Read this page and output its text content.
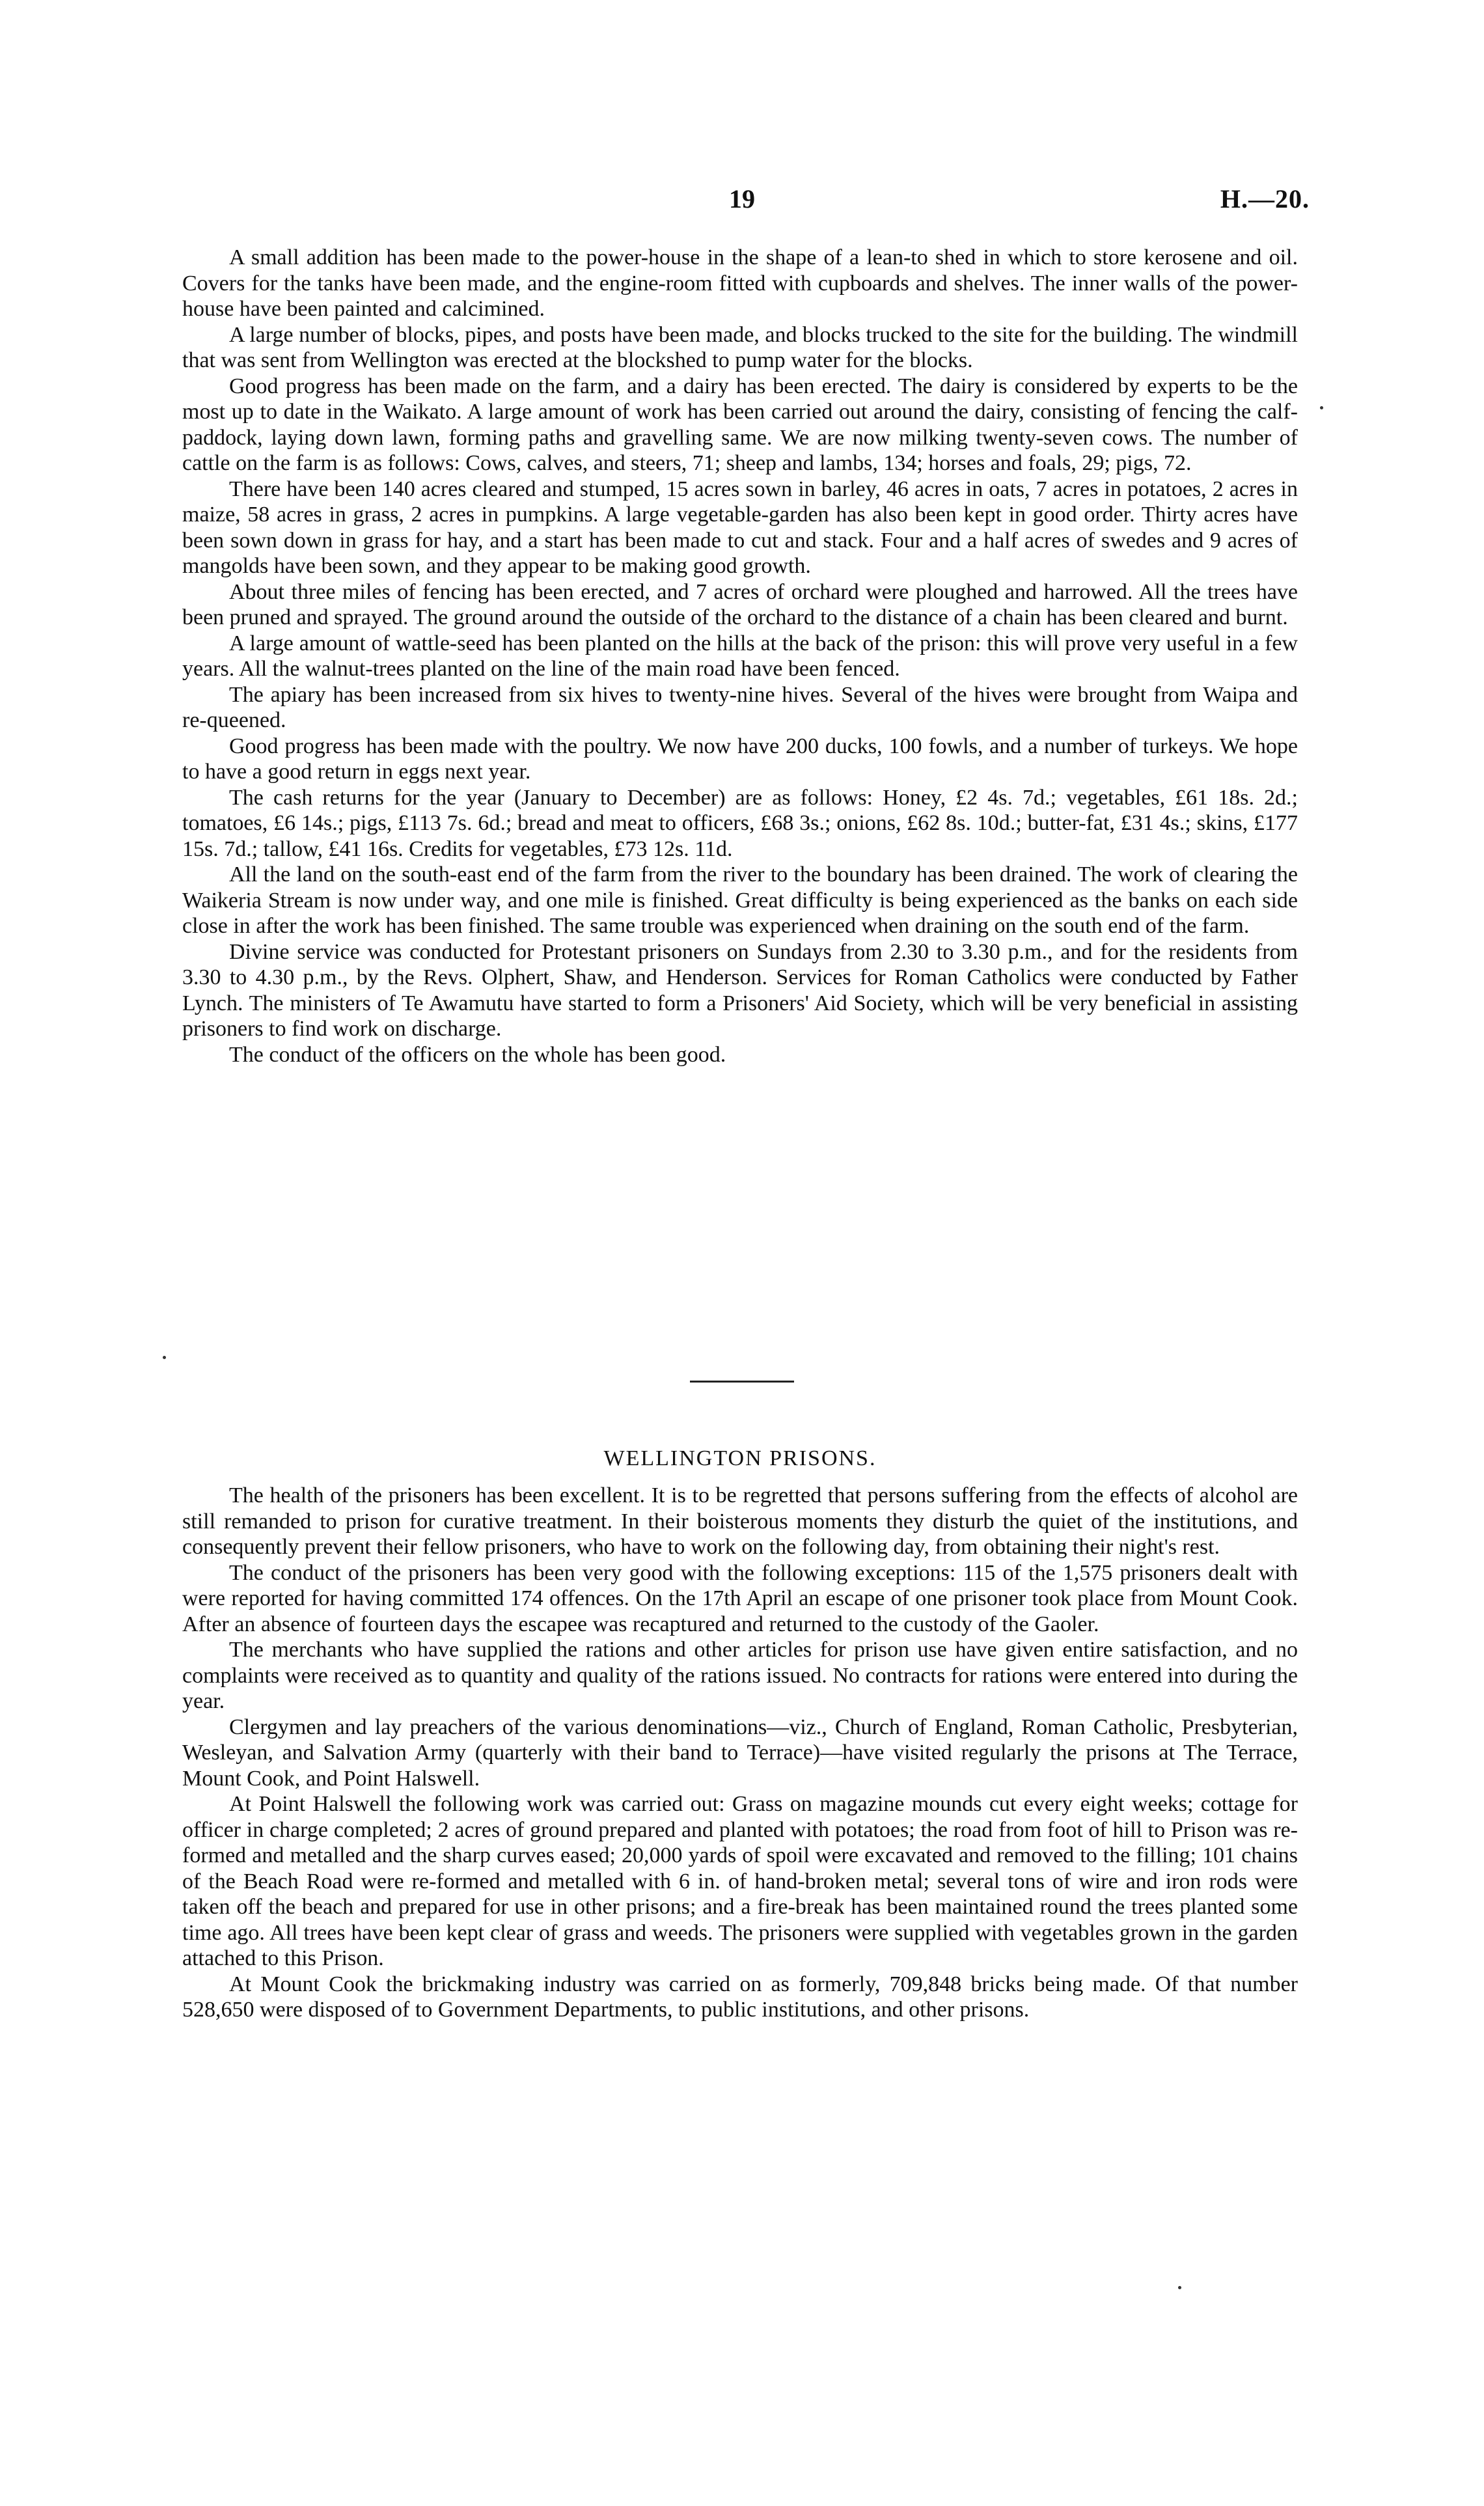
19	H.—20.

A small addition has been made to the power-house in the shape of a lean-to shed in which to store kerosene and oil. Covers for the tanks have been made, and the engine-room fitted with cupboards and shelves. The inner walls of the power-house have been painted and calcimined.

A large number of blocks, pipes, and posts have been made, and blocks trucked to the site for the building. The windmill that was sent from Wellington was erected at the blockshed to pump water for the blocks.

Good progress has been made on the farm, and a dairy has been erected. The dairy is considered by experts to be the most up to date in the Waikato. A large amount of work has been carried out around the dairy, consisting of fencing the calf-paddock, laying down lawn, forming paths and gravelling same. We are now milking twenty-seven cows. The number of cattle on the farm is as follows: Cows, calves, and steers, 71; sheep and lambs, 134; horses and foals, 29; pigs, 72.

There have been 140 acres cleared and stumped, 15 acres sown in barley, 46 acres in oats, 7 acres in potatoes, 2 acres in maize, 58 acres in grass, 2 acres in pumpkins. A large vegetable-garden has also been kept in good order. Thirty acres have been sown down in grass for hay, and a start has been made to cut and stack. Four and a half acres of swedes and 9 acres of mangolds have been sown, and they appear to be making good growth.

About three miles of fencing has been erected, and 7 acres of orchard were ploughed and harrowed. All the trees have been pruned and sprayed. The ground around the outside of the orchard to the distance of a chain has been cleared and burnt.

A large amount of wattle-seed has been planted on the hills at the back of the prison: this will prove very useful in a few years. All the walnut-trees planted on the line of the main road have been fenced.

The apiary has been increased from six hives to twenty-nine hives. Several of the hives were brought from Waipa and re-queened.

Good progress has been made with the poultry. We now have 200 ducks, 100 fowls, and a number of turkeys. We hope to have a good return in eggs next year.

The cash returns for the year (January to December) are as follows: Honey, £2 4s. 7d.; vegetables, £61 18s. 2d.; tomatoes, £6 14s.; pigs, £113 7s. 6d.; bread and meat to officers, £68 3s.; onions, £62 8s. 10d.; butter-fat, £31 4s.; skins, £177 15s. 7d.; tallow, £41 16s. Credits for vegetables, £73 12s. 11d.

All the land on the south-east end of the farm from the river to the boundary has been drained. The work of clearing the Waikeria Stream is now under way, and one mile is finished. Great difficulty is being experienced as the banks on each side close in after the work has been finished. The same trouble was experienced when draining on the south end of the farm.

Divine service was conducted for Protestant prisoners on Sundays from 2.30 to 3.30 p.m., and for the residents from 3.30 to 4.30 p.m., by the Revs. Olphert, Shaw, and Henderson. Services for Roman Catholics were conducted by Father Lynch. The ministers of Te Awamutu have started to form a Prisoners' Aid Society, which will be very beneficial in assisting prisoners to find work on discharge.

The conduct of the officers on the whole has been good.

WELLINGTON PRISONS.

The health of the prisoners has been excellent. It is to be regretted that persons suffering from the effects of alcohol are still remanded to prison for curative treatment. In their boisterous moments they disturb the quiet of the institutions, and consequently prevent their fellow prisoners, who have to work on the following day, from obtaining their night's rest.

The conduct of the prisoners has been very good with the following exceptions: 115 of the 1,575 prisoners dealt with were reported for having committed 174 offences. On the 17th April an escape of one prisoner took place from Mount Cook. After an absence of fourteen days the escapee was recaptured and returned to the custody of the Gaoler.

The merchants who have supplied the rations and other articles for prison use have given entire satisfaction, and no complaints were received as to quantity and quality of the rations issued. No contracts for rations were entered into during the year.

Clergymen and lay preachers of the various denominations—viz., Church of England, Roman Catholic, Presbyterian, Wesleyan, and Salvation Army (quarterly with their band to Terrace)—have visited regularly the prisons at The Terrace, Mount Cook, and Point Halswell.

At Point Halswell the following work was carried out: Grass on magazine mounds cut every eight weeks; cottage for officer in charge completed; 2 acres of ground prepared and planted with potatoes; the road from foot of hill to Prison was re-formed and metalled and the sharp curves eased; 20,000 yards of spoil were excavated and removed to the filling; 101 chains of the Beach Road were re-formed and metalled with 6 in. of hand-broken metal; several tons of wire and iron rods were taken off the beach and prepared for use in other prisons; and a fire-break has been maintained round the trees planted some time ago. All trees have been kept clear of grass and weeds. The prisoners were supplied with vegetables grown in the garden attached to this Prison.

At Mount Cook the brickmaking industry was carried on as formerly, 709,848 bricks being made. Of that number 528,650 were disposed of to Government Departments, to public institutions, and other prisons.
